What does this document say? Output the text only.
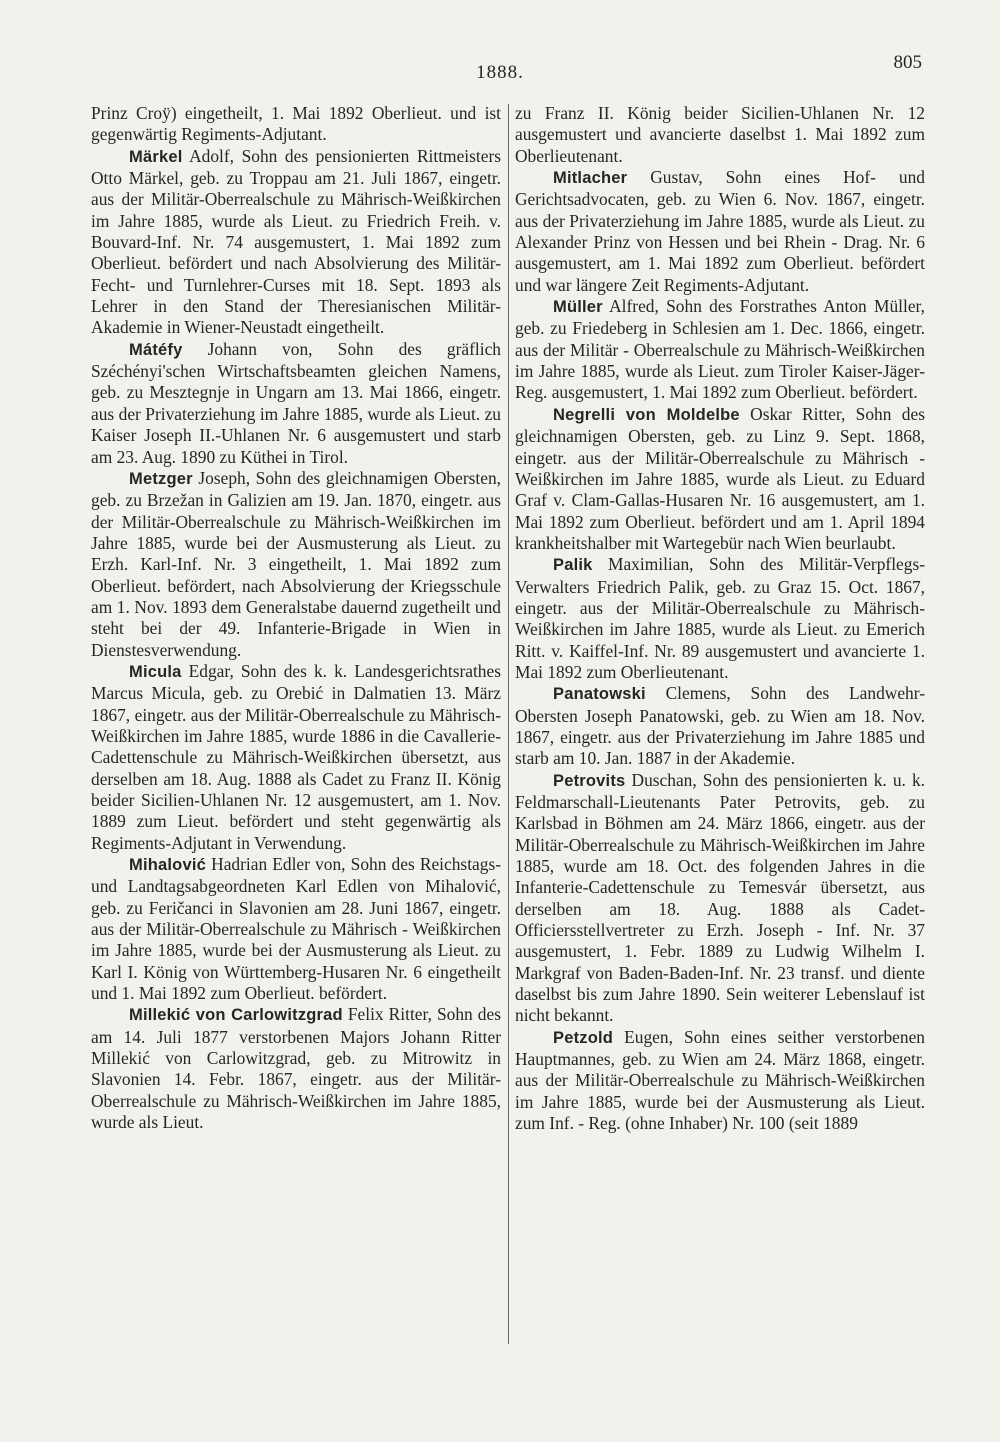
1888.	805

Prinz Croÿ) eingetheilt, 1. Mai 1892 Oberlieut. und ist gegenwärtig Regiments-Adjutant.

Märkel Adolf, Sohn des pensionierten Rittmeisters Otto Märkel, geb. zu Troppau am 21. Juli 1867, eingetr. aus der Militär-Oberrealschule zu Mährisch-Weißkirchen im Jahre 1885, wurde als Lieut. zu Friedrich Freih. v. Bouvard-Inf. Nr. 74 ausgemustert, 1. Mai 1892 zum Oberlieut. befördert und nach Absolvierung des Militär-Fecht- und Turnlehrer-Curses mit 18. Sept. 1893 als Lehrer in den Stand der Theresianischen Militär-Akademie in Wiener-Neustadt eingetheilt.

Mátéfy Johann von, Sohn des gräflich Széchényi'schen Wirtschaftsbeamten gleichen Namens, geb. zu Mesztegnje in Ungarn am 13. Mai 1866, eingetr. aus der Privaterziehung im Jahre 1885, wurde als Lieut. zu Kaiser Joseph II.-Uhlanen Nr. 6 ausgemustert und starb am 23. Aug. 1890 zu Küthei in Tirol.

Metzger Joseph, Sohn des gleichnamigen Obersten, geb. zu Brzežan in Galizien am 19. Jan. 1870, eingetr. aus der Militär-Oberrealschule zu Mährisch-Weißkirchen im Jahre 1885, wurde bei der Ausmusterung als Lieut. zu Erzh. Karl-Inf. Nr. 3 eingetheilt, 1. Mai 1892 zum Oberlieut. befördert, nach Absolvierung der Kriegsschule am 1. Nov. 1893 dem Generalstabe dauernd zugetheilt und steht bei der 49. Infanterie-Brigade in Wien in Dienstesverwendung.

Micula Edgar, Sohn des k. k. Landesgerichtsrathes Marcus Micula, geb. zu Orebić in Dalmatien 13. März 1867, eingetr. aus der Militär-Oberrealschule zu Mährisch-Weißkirchen im Jahre 1885, wurde 1886 in die Cavallerie-Cadettenschule zu Mährisch-Weißkirchen übersetzt, aus derselben am 18. Aug. 1888 als Cadet zu Franz II. König beider Sicilien-Uhlanen Nr. 12 ausgemustert, am 1. Nov. 1889 zum Lieut. befördert und steht gegenwärtig als Regiments-Adjutant in Verwendung.

Mihalović Hadrian Edler von, Sohn des Reichstags- und Landtagsabgeordneten Karl Edlen von Mihalović, geb. zu Feričanci in Slavonien am 28. Juni 1867, eingetr. aus der Militär-Oberrealschule zu Mährisch - Weißkirchen im Jahre 1885, wurde bei der Ausmusterung als Lieut. zu Karl I. König von Württemberg-Husaren Nr. 6 eingetheilt und 1. Mai 1892 zum Oberlieut. befördert.

Millekić von Carlowitzgrad Felix Ritter, Sohn des am 14. Juli 1877 verstorbenen Majors Johann Ritter Millekić von Carlowitzgrad, geb. zu Mitrowitz in Slavonien 14. Febr. 1867, eingetr. aus der Militär-Oberrealschule zu Mährisch-Weißkirchen im Jahre 1885, wurde als Lieut.

zu Franz II. König beider Sicilien-Uhlanen Nr. 12 ausgemustert und avancierte daselbst 1. Mai 1892 zum Oberlieutenant.

Mitlacher Gustav, Sohn eines Hof- und Gerichtsadvocaten, geb. zu Wien 6. Nov. 1867, eingetr. aus der Privaterziehung im Jahre 1885, wurde als Lieut. zu Alexander Prinz von Hessen und bei Rhein - Drag. Nr. 6 ausgemustert, am 1. Mai 1892 zum Oberlieut. befördert und war längere Zeit Regiments-Adjutant.

Müller Alfred, Sohn des Forstrathes Anton Müller, geb. zu Friedeberg in Schlesien am 1. Dec. 1866, eingetr. aus der Militär - Oberrealschule zu Mährisch-Weißkirchen im Jahre 1885, wurde als Lieut. zum Tiroler Kaiser-Jäger-Reg. ausgemustert, 1. Mai 1892 zum Oberlieut. befördert.

Negrelli von Moldelbe Oskar Ritter, Sohn des gleichnamigen Obersten, geb. zu Linz 9. Sept. 1868, eingetr. aus der Militär-Oberrealschule zu Mährisch - Weißkirchen im Jahre 1885, wurde als Lieut. zu Eduard Graf v. Clam-Gallas-Husaren Nr. 16 ausgemustert, am 1. Mai 1892 zum Oberlieut. befördert und am 1. April 1894 krankheitshalber mit Wartegebür nach Wien beurlaubt.

Palik Maximilian, Sohn des Militär-Verpflegs-Verwalters Friedrich Palik, geb. zu Graz 15. Oct. 1867, eingetr. aus der Militär-Oberrealschule zu Mährisch-Weißkirchen im Jahre 1885, wurde als Lieut. zu Emerich Ritt. v. Kaiffel-Inf. Nr. 89 ausgemustert und avancierte 1. Mai 1892 zum Oberlieutenant.

Panatowski Clemens, Sohn des Landwehr-Obersten Joseph Panatowski, geb. zu Wien am 18. Nov. 1867, eingetr. aus der Privaterziehung im Jahre 1885 und starb am 10. Jan. 1887 in der Akademie.

Petrovits Duschan, Sohn des pensionierten k. u. k. Feldmarschall-Lieutenants Pater Petrovits, geb. zu Karlsbad in Böhmen am 24. März 1866, eingetr. aus der Militär-Oberrealschule zu Mährisch-Weißkirchen im Jahre 1885, wurde am 18. Oct. des folgenden Jahres in die Infanterie-Cadettenschule zu Temesvár übersetzt, aus derselben am 18. Aug. 1888 als Cadet-Officiersstellvertreter zu Erzh. Joseph - Inf. Nr. 37 ausgemustert, 1. Febr. 1889 zu Ludwig Wilhelm I. Markgraf von Baden-Baden-Inf. Nr. 23 transf. und diente daselbst bis zum Jahre 1890. Sein weiterer Lebenslauf ist nicht bekannt.

Petzold Eugen, Sohn eines seither verstorbenen Hauptmannes, geb. zu Wien am 24. März 1868, eingetr. aus der Militär-Oberrealschule zu Mährisch-Weißkirchen im Jahre 1885, wurde bei der Ausmusterung als Lieut. zum Inf. - Reg. (ohne Inhaber) Nr. 100 (seit 1889
